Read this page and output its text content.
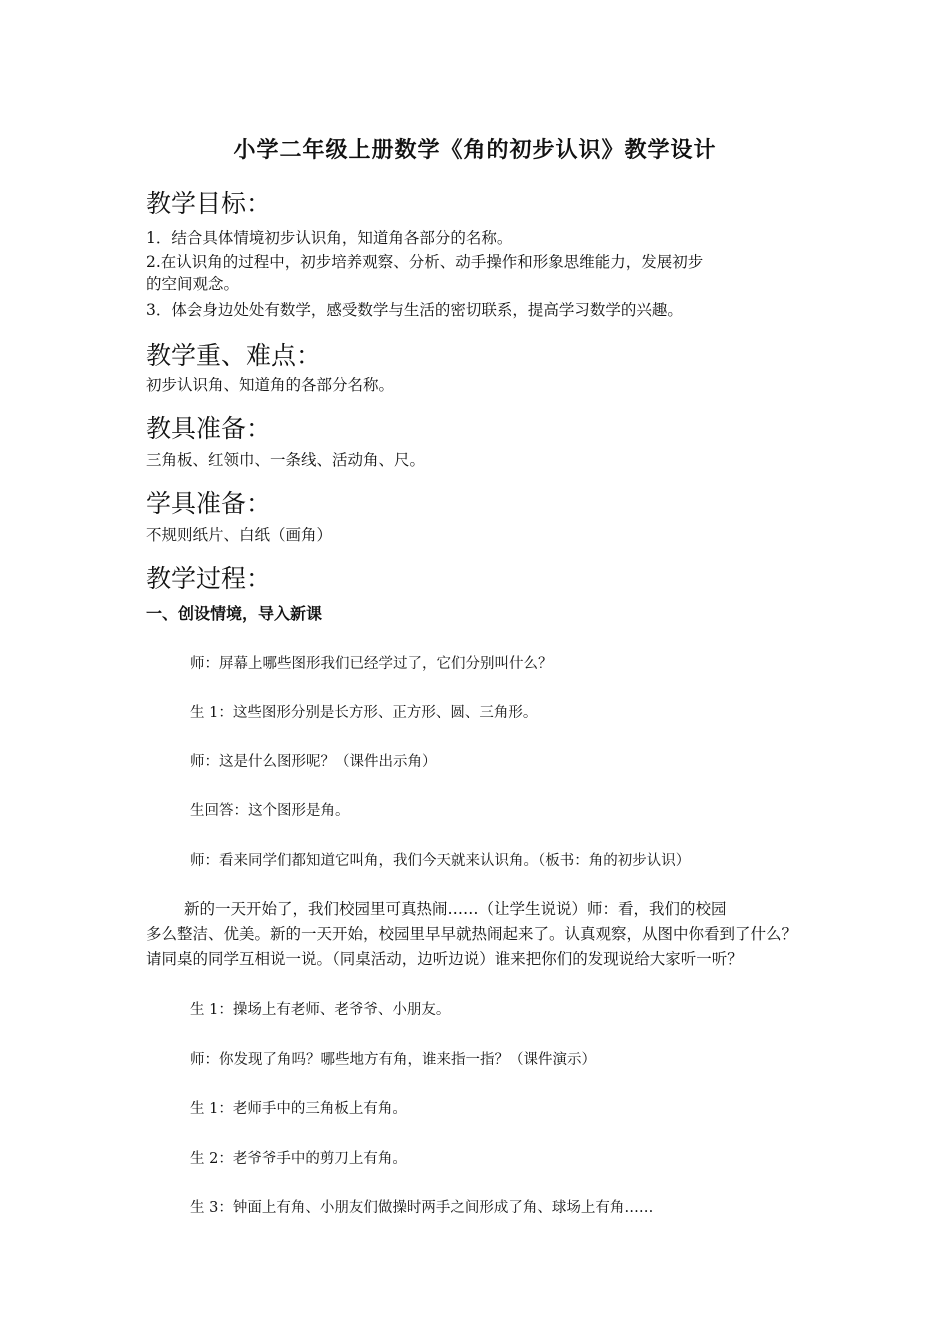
小学二年级上册数学《角的初步认识》教学设计
教学目标：
1．结合具体情境初步认识角，知道角各部分的名称。
2.在认识角的过程中，初步培养观察、分析、动手操作和形象思维能力，发展初步
的空间观念。
3．体会身边处处有数学，感受数学与生活的密切联系，提高学习数学的兴趣。
教学重、难点：
初步认识角、知道角的各部分名称。
教具准备：
三角板、红领巾、一条线、活动角、尺。
学具准备：
不规则纸片、白纸（画角）
教学过程：
一、创设情境，导入新课
师：屏幕上哪些图形我们已经学过了，它们分别叫什么？
生 1：这些图形分别是长方形、正方形、圆、三角形。
师：这是什么图形呢？（课件出示角）
生回答：这个图形是角。
师：看来同学们都知道它叫角，我们今天就来认识角。（板书：角的初步认识）
新的一天开始了，我们校园里可真热闹……（让学生说说）师：看，我们的校园
多么整洁、优美。新的一天开始，校园里早早就热闹起来了。认真观察，从图中你看到了什么？
请同桌的同学互相说一说。（同桌活动，边听边说）谁来把你们的发现说给大家听一听？
生 1：操场上有老师、老爷爷、小朋友。
师：你发现了角吗？哪些地方有角，谁来指一指？（课件演示）
生 1：老师手中的三角板上有角。
生 2：老爷爷手中的剪刀上有角。
生 3：钟面上有角、小朋友们做操时两手之间形成了角、球场上有角……
